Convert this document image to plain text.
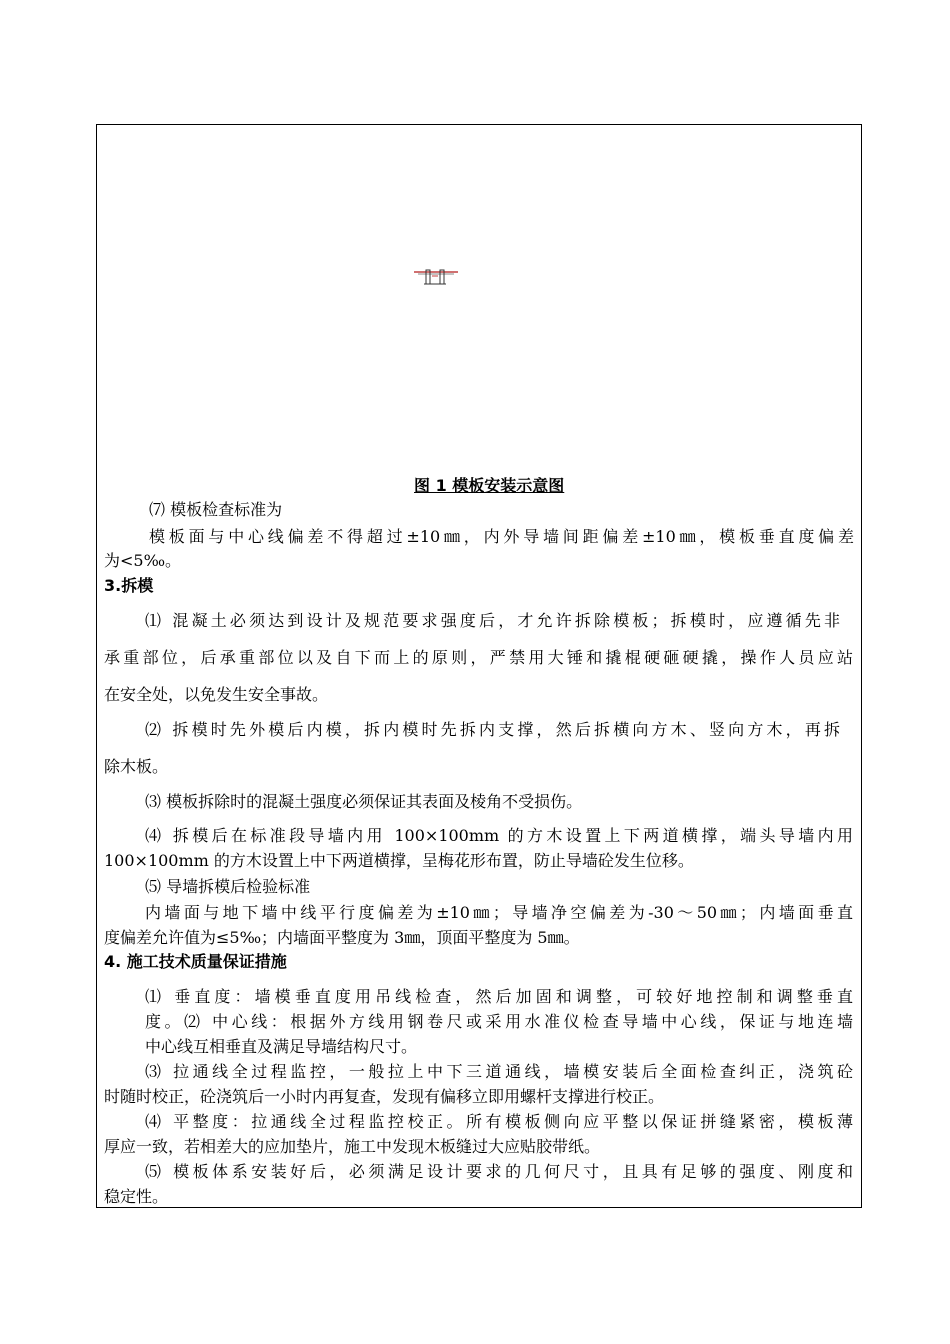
图 1 模板安装示意图
⑺ 模板检查标准为
模板面与中心线偏差不得超过±10㎜，内外导墙间距偏差±10㎜，模板垂直度偏差
为<5‰。
3.拆模
⑴ 混凝土必须达到设计及规范要求强度后，才允许拆除模板；拆模时，应遵循先非
承重部位，后承重部位以及自下而上的原则，严禁用大锤和撬棍硬砸硬撬，操作人员应站
在安全处，以免发生安全事故。
⑵ 拆模时先外模后内模，拆内模时先拆内支撑，然后拆横向方木、竖向方木，再拆
除木板。
⑶ 模板拆除时的混凝土强度必须保证其表面及棱角不受损伤。
⑷ 拆模后在标准段导墙内用 100×100mm 的方木设置上下两道横撑，端头导墙内用
100×100mm 的方木设置上中下两道横撑，呈梅花形布置，防止导墙砼发生位移。
⑸ 导墙拆模后检验标准
内墙面与地下墙中线平行度偏差为±10㎜；导墙净空偏差为-30～50㎜；内墙面垂直
度偏差允许值为≤5‰；内墙面平整度为 3㎜，顶面平整度为 5㎜。
4. 施工技术质量保证措施
⑴ 垂直度：墙模垂直度用吊线检查，然后加固和调整，可较好地控制和调整垂直
度。⑵ 中心线：根据外方线用钢卷尺或采用水准仪检查导墙中心线，保证与地连墙
中心线互相垂直及满足导墙结构尺寸。
⑶ 拉通线全过程监控，一般拉上中下三道通线，墙模安装后全面检查纠正，浇筑砼
时随时校正，砼浇筑后一小时内再复查，发现有偏移立即用螺杆支撑进行校正。
⑷ 平整度：拉通线全过程监控校正。所有模板侧向应平整以保证拼缝紧密，模板薄
厚应一致，若相差大的应加垫片，施工中发现木板缝过大应贴胶带纸。
⑸ 模板体系安装好后，必须满足设计要求的几何尺寸，且具有足够的强度、刚度和
稳定性。
